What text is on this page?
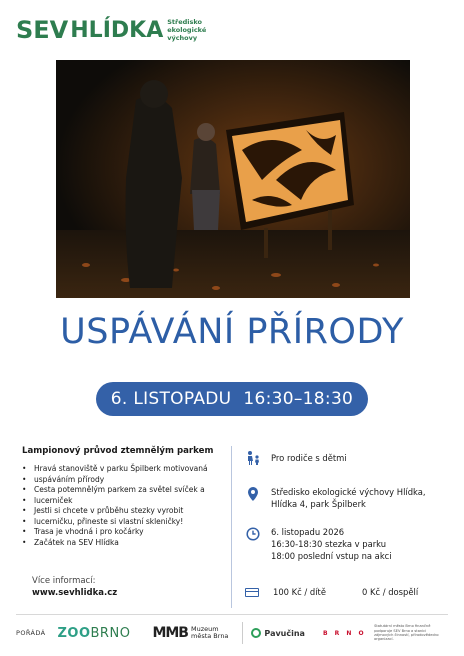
SEV HLÍDKA Středisko
ekologické
výchovy
USPÁVÁNÍ PŘÍRODY
6. LISTOPADU 16:30–18:30
Lampionový průvod ztemnělým parkem
• Hravá stanoviště v parku Špilberk motivovaná
• uspáváním přírody
• Cesta potemnělým parkem za světel svíček a
• lucerniček
• Jestli si chcete v průběhu stezky vyrobit
• lucerničku, přineste si vlastní skleničky!
• Trasa je vhodná i pro kočárky
• Začátek na SEV Hlídka
Více informací:
www.sevhlidka.cz
Pro rodiče s dětmi
Středisko ekologické výchovy Hlídka,
Hlídka 4, park Špilberk
6. listopadu 2026
16:30-18:30 stezka v parku
18:00 poslední vstup na akci
100 Kč / dítě	0 Kč / dospělí
POŘÁDÁ ZOO BRNO MMB Muzeum
města Brna	Pavučina	B R N O
Statutární město Brno finančně podporuje SEV Brno a stanici zájmových činností, přírodovědecko organizací.
